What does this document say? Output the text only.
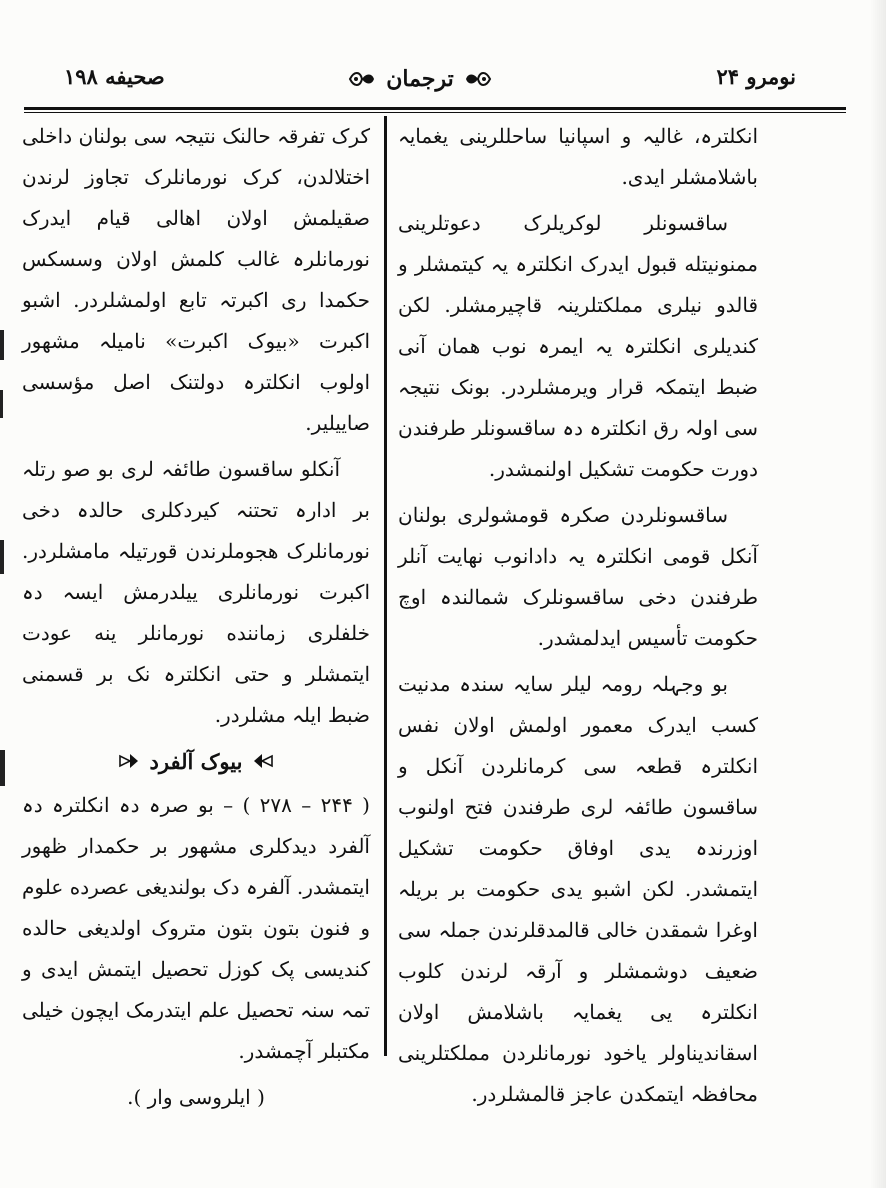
صحیفه ۱۹۸	ترجمان	نومرو ۲۴

انکلترہ، غالیہ و اسپانیا ساحللرینی یغمایہ باشلامشلر ایدی.

ساقسونلر لوکریلرک دعوتلرینی ممنونیتله قبول ایدرک انکلترہ یہ کیتمشلر و قالدو نیلری مملکتلرینہ قاچیرمشلر. لکن کندیلری انکلترہ یہ ایمرہ نوب همان آنی ضبط ایتمکہ قرار ویرمشلردر. بونک نتیجہ سی اولہ رق انکلترہ دہ ساقسونلر طرفندن دورت حکومت تشکیل اولنمشدر.

ساقسونلردن صکرہ قومشولری بولنان آنکل قومی انکلترہ یہ دادانوب نهایت آنلر طرفندن دخی ساقسونلرک شمالندہ اوچ حکومت تأسیس ایدلمشدر.

بو وجہلہ رومہ لیلر سایہ سندہ مدنیت کسب ایدرک معمور اولمش اولان نفس انکلترہ قطعہ سی کرمانلردن آنکل و ساقسون طائفہ لری طرفندن فتح اولنوب اوزرندہ یدی اوفاق حکومت تشکیل ایتمشدر. لکن اشبو یدی حکومت بر بریلہ اوغرا شمقدن خالی قالمدقلرندن جملہ سی ضعیف دوشمشلر و آرقہ لرندن کلوب انکلترہ یی یغمایہ باشلامش اولان اسقاندیناولر یاخود نورمانلردن مملکتلرینی محافظہ ایتمکدن عاجز قالمشلردر.

کرک تفرقہ حالنک نتیجہ سی بولنان داخلی اختلالدن، کرک نورمانلرک تجاوز لرندن صقیلمش اولان اهالی قیام ایدرک نورمانلرہ غالب کلمش اولان وسسکس حکمدا ری اکبرتہ تابع اولمشلردر. اشبو اکبرت «بیوک اکبرت» نامیلہ مشهور اولوب انکلترہ دولتنک اصل مؤسسی صاییلیر.

آنکلو ساقسون طائفہ لری بو صو رتلہ بر ادارہ تحتنہ کیردکلری حالدہ دخی نورمانلرک هجوملرندن قورتیلہ مامشلردر. اکبرت نورمانلری ییلدرمش ایسہ دہ خلفلری زماننده نورمانلر ینه عودت ایتمشلر و حتی انکلترہ نک بر قسمنی ضبط ایلہ مشلردر.

بیوک آلفرد

( ۲۴۴ – ۲۷۸ ) – بو صرہ دہ انکلترہ دہ آلفرد دیدکلری مشهور بر حکمدار ظهور ایتمشدر. آلفرہ دک بولندیغی عصرده علوم و فنون بتون بتون متروک اولدیغی حالده کندیسی پک کوزل تحصیل ایتمش ایدی و تمہ سنہ تحصیل علم ایتدرمک ایچون خیلی مکتبلر آچمشدر.

( ایلروسی وار ).
